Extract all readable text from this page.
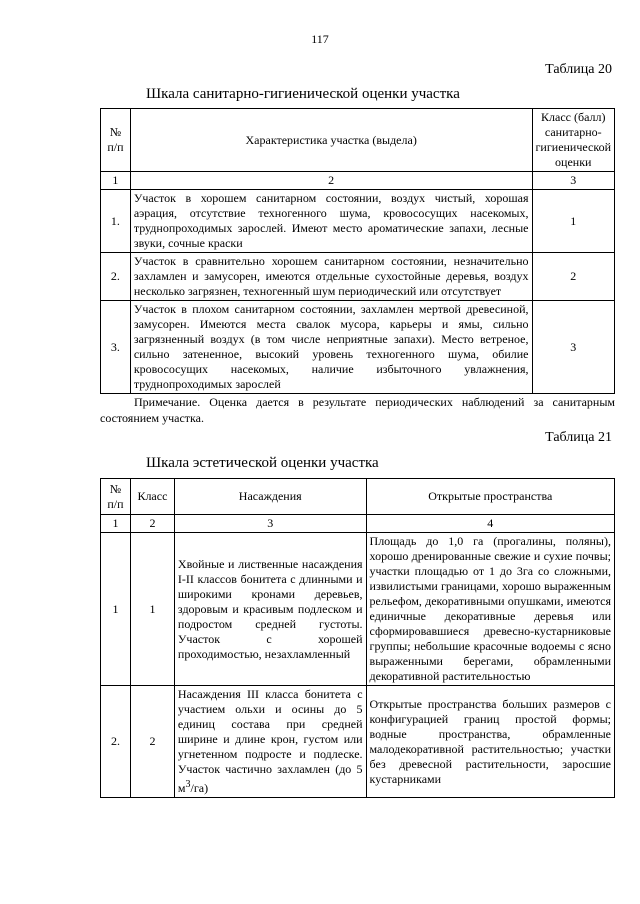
117
Таблица 20
Шкала санитарно-гигиенической оценки участка
№ п/п	Характеристика участка (выдела)	Класс (балл) санитарно-гигиенической оценки
1	2	3
1.	Участок в хорошем санитарном состоянии, воздух чистый, хорошая аэрация, отсутствие техногенного шума, кровососущих насекомых, труднопроходимых зарослей. Имеют место ароматические запахи, лесные звуки, сочные краски	1
2.	Участок в сравнительно хорошем санитарном состоянии, незначительно захламлен и замусорен, имеются отдельные сухостойные деревья, воздух несколько загрязнен, техногенный шум периодический или отсутствует	2
3.	Участок в плохом санитарном состоянии, захламлен мертвой древесиной, замусорен. Имеются места свалок мусора, карьеры и ямы, сильно загрязненный воздух (в том числе неприятные запахи). Место ветреное, сильно затененное, высокий уровень техногенного шума, обилие кровососущих насекомых, наличие избыточного увлажнения, труднопроходимых зарослей	3
Примечание. Оценка дается в результате периодических наблюдений за санитарным состоянием участка.
Таблица 21
Шкала эстетической оценки участка
№ п/п	Класс	Насаждения	Открытые пространства
1	2	3	4
1	1	Хвойные и лиственные насаждения I-II классов бонитета с длинными и широкими кронами деревьев, здоровым и красивым подлеском и подростом средней густоты. Участок с хорошей проходимостью, незахламленный	Площадь до 1,0 га (прогалины, поляны), хорошо дренированные свежие и сухие почвы; участки площадью от 1 до 3га со сложными, извилистыми границами, хорошо выраженным рельефом, декоративными опушками, имеются единичные декоративные деревья или сформировавшиеся древесно-кустарниковые группы; небольшие красочные водоемы с ясно выраженными берегами, обрамленными декоративной растительностью
2.	2	Насаждения III класса бонитета с участием ольхи и осины до 5 единиц состава при средней ширине и длине крон, густом или угнетенном подросте и подлеске. Участок частично захламлен (до 5 $м^3/га$)	Открытые пространства больших размеров с конфигурацией границ простой формы; водные пространства, обрамленные малодекоративной растительностью; участки без древесной растительности, заросшие кустарниками
